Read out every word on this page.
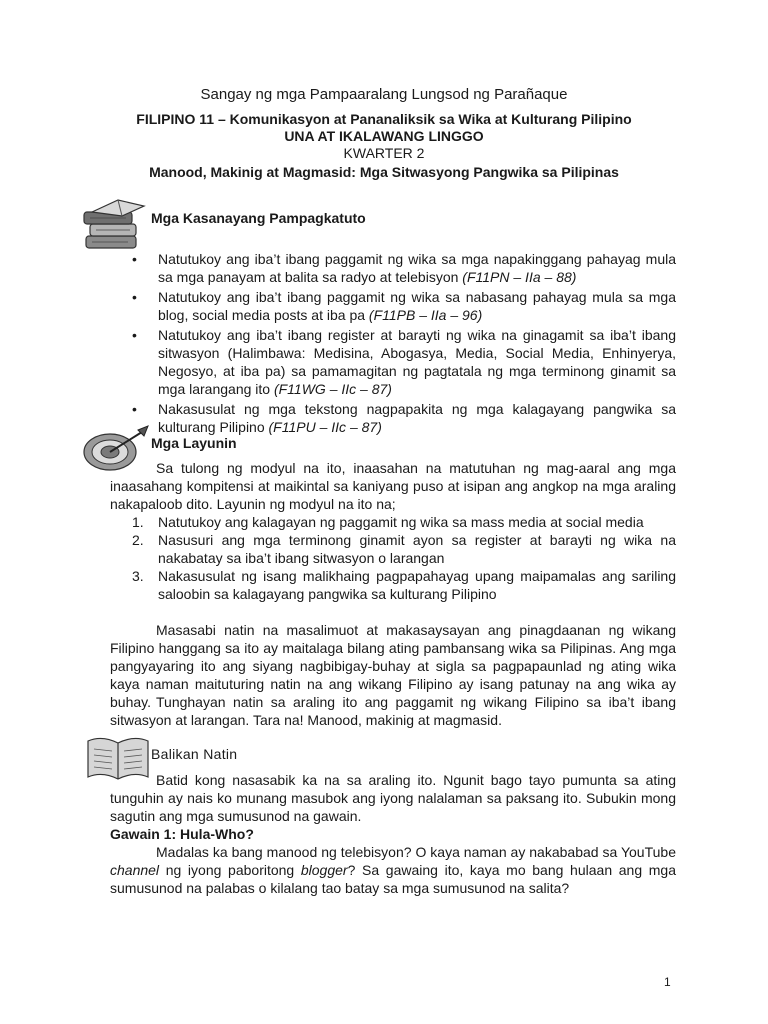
Sangay ng mga Pampaaralang Lungsod ng Parañaque
FILIPINO 11 – Komunikasyon at Pananaliksik sa Wika at Kulturang Pilipino
UNA AT IKALAWANG LINGGO
KWARTER 2
Manood, Makinig at Magmasid: Mga Sitwasyong Pangwika sa Pilipinas
Mga Kasanayang Pampagkatuto
• Natutukoy ang iba’t ibang paggamit ng wika sa mga napakinggang pahayag mula sa mga panayam at balita sa radyo at telebisyon (F11PN – IIa – 88)
• Natutukoy ang iba’t ibang paggamit ng wika sa nabasang pahayag mula sa mga blog, social media posts at iba pa (F11PB – IIa – 96)
• Natutukoy ang iba’t ibang register at barayti ng wika na ginagamit sa iba’t ibang sitwasyon (Halimbawa: Medisina, Abogasya, Media, Social Media, Enhinyerya, Negosyo, at iba pa) sa pamamagitan ng pagtatala ng mga terminong ginamit sa mga larangang ito (F11WG – IIc – 87)
• Nakasusulat ng mga tekstong nagpapakita ng mga kalagayang pangwika sa kulturang Pilipino (F11PU – IIc – 87)
Mga Layunin

Sa tulong ng modyul na ito, inaasahan na matutuhan ng mag-aaral ang mga inaasahang kompitensi at maikintal sa kaniyang puso at isipan ang angkop na mga araling nakapaloob dito. Layunin ng modyul na ito na;

1. Natutukoy ang kalagayan ng paggamit ng wika sa mass media at social media
2. Nasusuri ang mga terminong ginamit ayon sa register at barayti ng wika na nakabatay sa iba’t ibang sitwasyon o larangan
3. Nakasusulat ng isang malikhaing pagpapahayag upang maipamalas ang sariling saloobin sa kalagayang pangwika sa kulturang Pilipino

Masasabi natin na masalimuot at makasaysayan ang pinagdaanan ng wikang Filipino hanggang sa ito ay maitalaga bilang ating pambansang wika sa Pilipinas. Ang mga pangyayaring ito ang siyang nagbibigay-buhay at sigla sa pagpapaunlad ng ating wika kaya naman maituturing natin na ang wikang Filipino ay isang patunay na ang wika ay buhay. Tunghayan natin sa araling ito ang paggamit ng wikang Filipino sa iba’t ibang sitwasyon at larangan. Tara na! Manood, makinig at magmasid.

Balikan Natin

Batid kong nasasabik ka na sa araling ito. Ngunit bago tayo pumunta sa ating tunguhin ay nais ko munang masubok ang iyong nalalaman sa paksang ito. Subukin mong sagutin ang mga sumusunod na gawain.

Gawain 1: Hula-Who?

Madalas ka bang manood ng telebisyon? O kaya naman ay nakababad sa YouTube channel ng iyong paboritong blogger? Sa gawaing ito, kaya mo bang hulaan ang mga sumusunod na palabas o kilalang tao batay sa mga sumusunod na salita?

1
